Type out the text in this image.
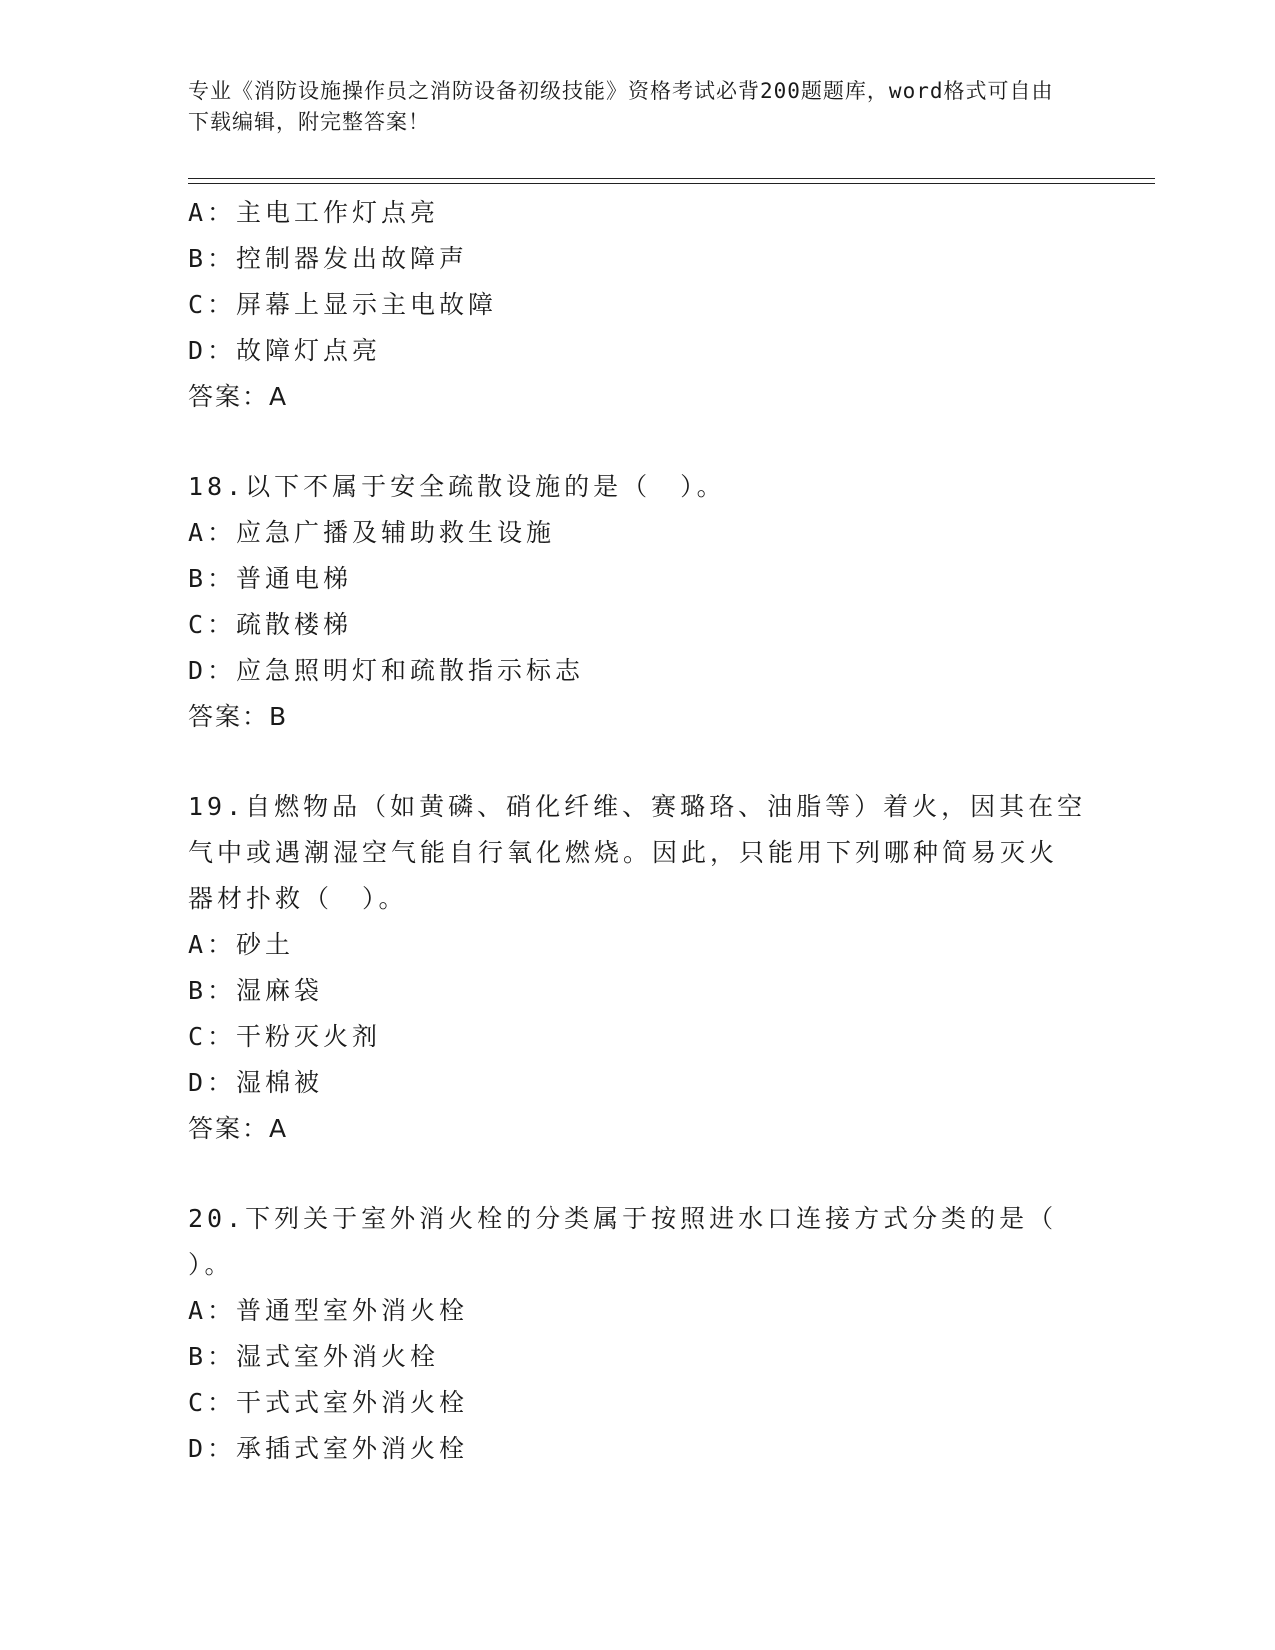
专业《消防设施操作员之消防设备初级技能》资格考试必背200题题库，word格式可自由下载编辑，附完整答案！
A：主电工作灯点亮
B：控制器发出故障声
C：屏幕上显示主电故障
D：故障灯点亮
答案：A
18.以下不属于安全疏散设施的是（　）。
A：应急广播及辅助救生设施
B：普通电梯
C：疏散楼梯
D：应急照明灯和疏散指示标志
答案：B
19.自燃物品（如黄磷、硝化纤维、赛璐珞、油脂等）着火，因其在空
气中或遇潮湿空气能自行氧化燃烧。因此，只能用下列哪种简易灭火
器材扑救（　）。
A：砂土
B：湿麻袋
C：干粉灭火剂
D：湿棉被
答案：A
20.下列关于室外消火栓的分类属于按照进水口连接方式分类的是（
）。
A：普通型室外消火栓
B：湿式室外消火栓
C：干式式室外消火栓
D：承插式室外消火栓
